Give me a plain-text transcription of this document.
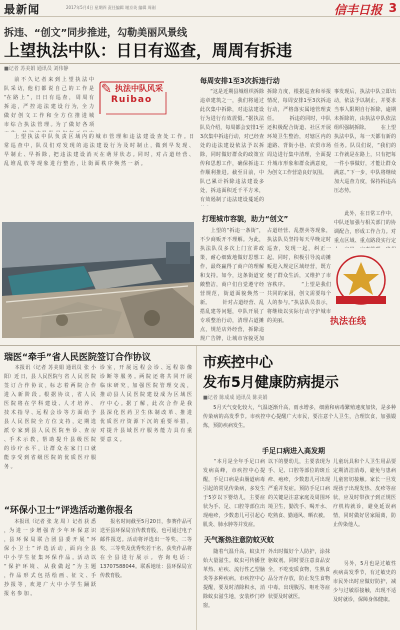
最新闻	2017年5月4日 星期四 责任编辑 谢京英 编辑 周刚	信丰日报 3
拆违、“创文”同步推进，勾勒美丽风景线
上望执法中队：日日有巡查，周周有拆违
■记者 苏美娟 通讯员 刘伟静
✎ 执法中队风采
Ruibao
　　前 不 久 记 者 来 到 上 望 执 法 中 队 采 访，他 们 都 说 自 己 的 工 作 是 “在 路 上 ” ，日 日 有 巡 查 ， 周 周 有 拆 违 ，严 控 违 法 建 设 行 为，全 力 做 好 创 文 工 作 和 全 方 位 推 进 城 市 综 合 执 法 管 理 。为 了 做 好 各 项
　　上 望 执 法 中 队 负 责 区 域 内 的 城 市 管 理 和 违 法 建 设 查 处 工 作 。日 常 巡 查 中 ，队 员 们 对 发 现 的 违 法 建 设 行 为 及 时 制 止 ，做 到 早 发 现 、早 制 止 、早 拆 除 ，把 违 法 建 设 消 灭 在 萌 芽 状 态 。同 时 ，对 占 道 经 营 、乱 堆 乱 放 等 现 象 进 行 整 治 ，让 街 面 秩 序 焕 然 一 新 。
每周安排1至3次拆违行动
　　“这是近期县城组织拆除违章建筑之一，我们将通过此次集中拆除，对违法建设行为进行有效震慑。”据执法队员介绍，每周都会安排1至3次集中拆违行动，对已经查处的违法建设依法予以拆除，同时做好群众的政策宣传和思想工作，确保拆违工作顺利推进。截至目前，中队已累计拆除违法建设多处，拆违面积近千平方米，有效遏制了违法建设蔓延的
拆除力度，根据巡查和举报情况，每周安排1至3次拆违行动，严格落实属地管理责任。 　　拆违的同时，中队还积极配合街道、社区开展环境卫生整治，对辖区内的道路、背街小巷、农贸市场周边进行集中清理，全面提升城市形象和群众满意度，为创文工作营造良好氛围。
事发现后，执法中队立即出动，依法予以制止，并要求当事人限期自行拆除，逾期未拆除的，由执法中队依法组织强制拆除。 　　在上望执法中队，每一天都有新的任务。队员们说，“我们的工作就是在路上，只有把每一件小事做好，才能让群众满意。”下一步，中队将继续加大巡查力度，保持拆违高压态势。
打理城市容貌，助力“创文”
　　上望的“拆违一条街”，不少商贩开不理解。为此，执法队员多次上门宣讲政策，耐心细致地做好思想工作，最终赢得了商户的理解和支持。如今，这条街道宽敞整洁，商户们自觉遵守经营规范，街道面貌焕然一新。 　　针对占道经营、乱搭乱建等问题，中队开展了专项整治行动，清理占道摊点，规范店外经营，拆除违规广告牌，让城市容貌更加
占道经营、乱摆卖等现象，执法队员坚持每天早晚定时巡查，发现一起，纠正一起。同时，积极引导流动摊贩进入规定区域经营，既方便了群众生活，又维护了市容秩序。 　　“上望是我们共同的家园，创文需要每个人的参与。”执法队员表示，将继续以实际行动守护城市的美丽。
　　此外，在日常工作中，中队还加强与相关部门的协调配合，形成工作合力。对重点区域、重点路段实行定
执法在线
瑞医“牵手”省人民医院签订合作协议
　　本报讯（记者 苏美娟 通讯员 张 小 阳）近 日，县 人民医院与 省 人 民 医 院 签 订 合 作 协 议 ，标 志 着 两 院 合 作 进 入 新 阶 段 。根 据 协 议 ，省 人 民 医 院 将 在 学 科 建 设 、人 才 培 养 、技 术 指 导 、远 程 会 诊 等 方 面 给 予 县 人 民 医 院 全 方 位 支 持 ，定 期 选 派 专 家 到 县 人 民 医 院 坐 诊 、查 房 、手 术 示 教 ，帮 助 提 升 县 级 医 院 的 诊 疗 水 平 ，让 群 众 在 家 门 口 就 能 享 受 到 省 级 医 院 的 优 质 医 疗 服 务 。
诊 室 ，开 展 远 程 会 诊 、远 程 影 像 诊 断 等 服 务 。两 院 还 将 共 同 开 展 临 床 研 究 ，加 强 医 院 管 理 交 流 ，推 动 县 人 民 医 院 建 设 成 为 区 域 医 疗 中 心 。据 了 解 ，此 次 合 作 是 我 县 深 化 医 药 卫 生 体 制 改 革 、推 进 优 质 医 疗 资 源 下 沉 的 重 要 举 措 ，对 提 升 县 域 医 疗 服 务 能 力 具 有 重 要 意 义 。
“环保小卫士”评选活动邀你报名
　　本报讯（记者 张 龙 周 ）记者 获 悉 ，为 进 一 步 增 强 青 少 年 环 保 意 识 ，县 环 保 局 联 合 团 县 委 开 展 “ 环 保 小 卫 士 ” 评 选 活 动 ，面 向 全 县 中 小 学 生 征 集 环 保 作 品 。活 动 以 “ 保 护 环 境 、 从 我 做 起 ” 为 主 题 ，作 品 形 式 包 括 绘 画 、征 文 、手 抄 报 等 ，欢 迎 广 大 中 小 学 生 踊 跃 报 名 参 加 。
　　报名时间截至5月20日，参赛作品可送至县环保局宣传教育股，也可通过电子邮件报送。活动将评选出一等奖、二等奖、三等奖及优秀奖若干名，获奖作品将在全县进行展示。咨询电话：13707588044。联系地址：县环保局宣传教育股。
市疾控中心
发布5月健康防病提示
■记者 陈成成 通讯员 陈美娟
　　5月天气变化较大，气温逐渐升高，雨水增多，细菌和病毒繁殖速度加快，是多种传染病的高发季节。市疾控中心提醒广大市民，要注意个人卫生，合理饮食，加强锻炼，预防疾病发生。
手足口病进入高发期
　　“本月是全年手足口病发病高峰，市疾控中心提醒，手足口病是由肠道病毒引起的常见传染病，多发生于5岁以下婴幼儿，主要症状为手、足、口腔等部位出现疱疹，少数患儿可引起心肌炎、肺水肿等并发症。
以下的婴幼儿，主要表现为手、足、口腔等部位的斑丘疹、疱疹，少数患儿可出现严重并发症。预防手足口病的关键是注意家庭及周围环境卫生，勤洗手、喝开水、吃熟食、勤通风、晒衣被。
儿童玩具和个人卫生用品要定期清洁消毒，避免与患病儿童密切接触。家长一旦发现孩子出现发热、皮疹等症状，应及时带孩子到正规医疗机构就诊，避免延误病情，同时做好居家隔离，防止传染他人。
天气渐热注意防蚊灭蚊
　　随着气温升高，蚊虫开始大量滋生。蚊虫可传播登革热、疟疾、流行性乙型脑炎等多种疾病。市疾控中心提醒，要及时清除积水，消除蚊虫滋生地，安装纱门纱窗。
外出时做好个人防护，涂抹驱蚊剂。同时要注意食品安全，不吃变质食物，生熟食品分开存放，防止发生食物中毒。出现腹泻、呕吐等症状要及时就医。
　　另外，5月也是过敏性疾病高发季节，有过敏史的市民外出时应做好防护，减少与过敏原接触，出现不适及时就诊，保障身体健康。
